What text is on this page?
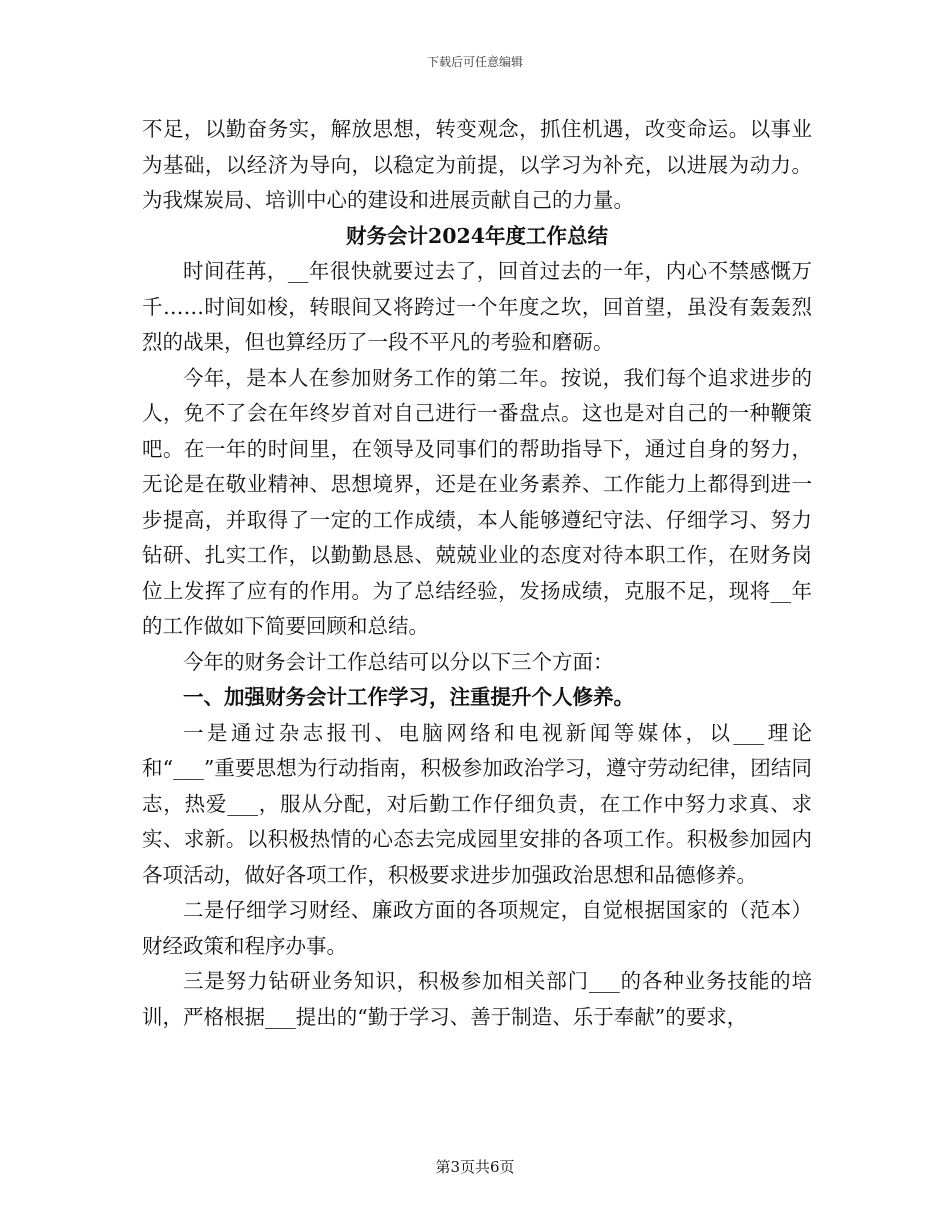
下载后可任意编辑

不足，以勤奋务实，解放思想，转变观念，抓住机遇，改变命运。以事业为基础，以经济为导向，以稳定为前提，以学习为补充，以进展为动力。为我煤炭局、培训中心的建设和进展贡献自己的力量。

财务会计2024年度工作总结

时间荏苒，__年很快就要过去了，回首过去的一年，内心不禁感慨万千……时间如梭，转眼间又将跨过一个年度之坎，回首望，虽没有轰轰烈烈的战果，但也算经历了一段不平凡的考验和磨砺。

今年，是本人在参加财务工作的第二年。按说，我们每个追求进步的人，免不了会在年终岁首对自己进行一番盘点。这也是对自己的一种鞭策吧。在一年的时间里，在领导及同事们的帮助指导下，通过自身的努力，无论是在敬业精神、思想境界，还是在业务素养、工作能力上都得到进一步提高，并取得了一定的工作成绩，本人能够遵纪守法、仔细学习、努力钻研、扎实工作，以勤勤恳恳、兢兢业业的态度对待本职工作，在财务岗位上发挥了应有的作用。为了总结经验，发扬成绩，克服不足，现将__年的工作做如下简要回顾和总结。

今年的财务会计工作总结可以分以下三个方面：

一、加强财务会计工作学习，注重提升个人修养。

一是通过杂志报刊、电脑网络和电视新闻等媒体，以___理论和“___”重要思想为行动指南，积极参加政治学习，遵守劳动纪律，团结同志，热爱___，服从分配，对后勤工作仔细负责，在工作中努力求真、求实、求新。以积极热情的心态去完成园里安排的各项工作。积极参加园内各项活动，做好各项工作，积极要求进步加强政治思想和品德修养。

二是仔细学习财经、廉政方面的各项规定，自觉根据国家的（范本）财经政策和程序办事。

三是努力钻研业务知识，积极参加相关部门___的各种业务技能的培训，严格根据___提出的“勤于学习、善于制造、乐于奉献”的要求，

第3页共6页
